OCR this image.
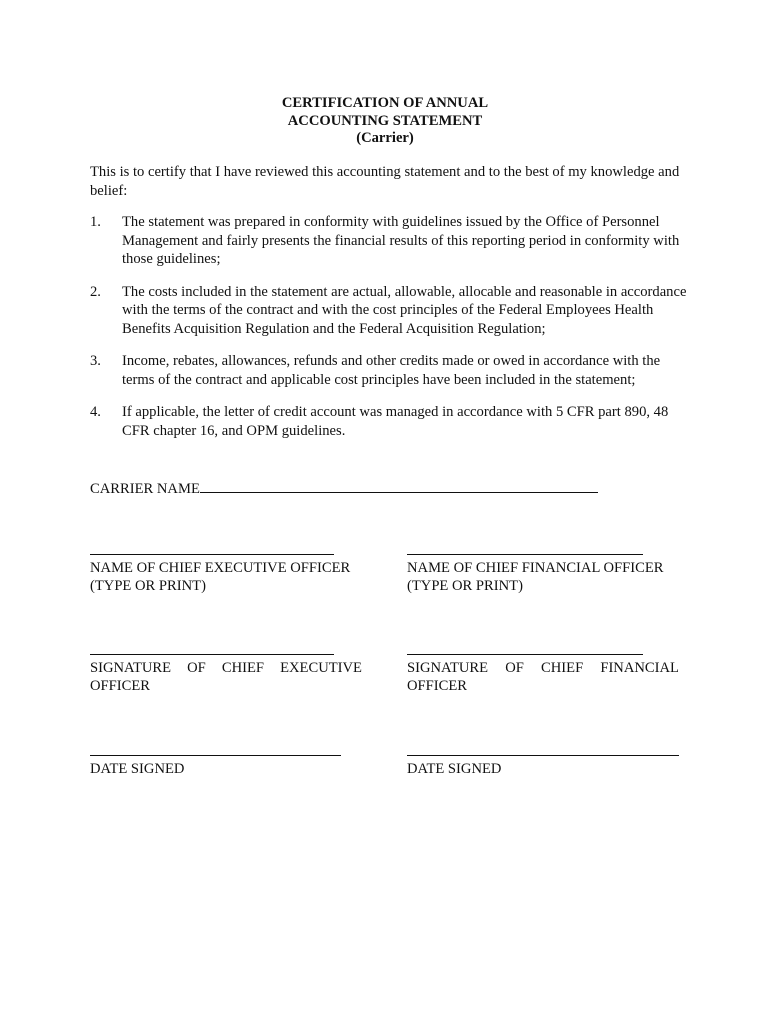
CERTIFICATION OF ANNUAL
ACCOUNTING STATEMENT
(Carrier)
This is to certify that I have reviewed this accounting statement and to the best of my knowledge and belief:
1. The statement was prepared in conformity with guidelines issued by the Office of Personnel Management and fairly presents the financial results of this reporting period in conformity with those guidelines;
2. The costs included in the statement are actual, allowable, allocable and reasonable in accordance with the terms of the contract and with the cost principles of the Federal Employees Health Benefits Acquisition Regulation and the Federal Acquisition Regulation;
3. Income, rebates, allowances, refunds and other credits made or owed in accordance with the terms of the contract and applicable cost principles have been included in the statement;
4. If applicable, the letter of credit account was managed in accordance with 5 CFR part 890, 48 CFR chapter 16, and OPM guidelines.
CARRIER NAME
NAME OF CHIEF EXECUTIVE OFFICER
(TYPE OR PRINT)
SIGNATURE OF CHIEF EXECUTIVE
OFFICER
DATE SIGNED
NAME OF CHIEF FINANCIAL OFFICER
(TYPE OR PRINT)
SIGNATURE OF CHIEF FINANCIAL
OFFICER
DATE SIGNED
